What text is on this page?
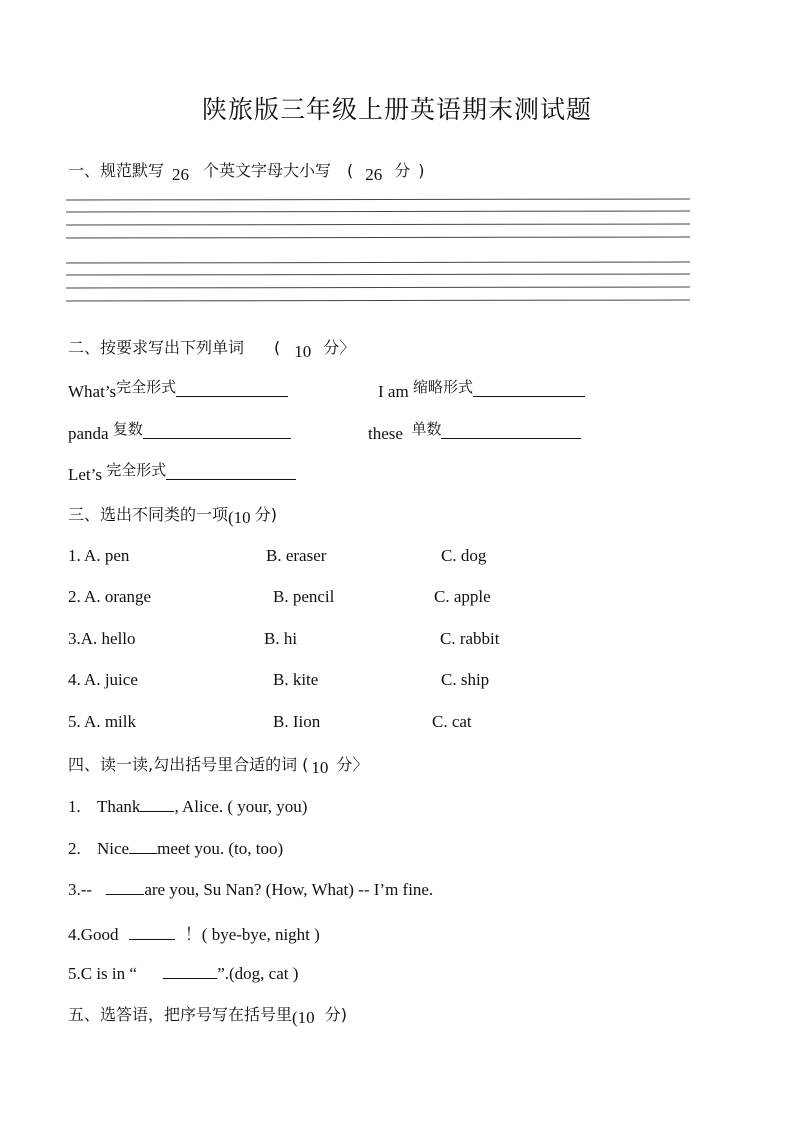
陕旅版三年级上册英语期末测试题
一、规范默写 26 个英文字母大小写 ( 26 分 )
二、按要求写出下列单词 ( 10 分〉
What’s完全形式	I am 缩略形式
panda 复数	these 单数
Let’s 完全形式
三、选出不同类的一项(10 分)
1. A. pen	B. eraser	C. dog
2. A. orange	B. pencil	C. apple
3.A. hello	B. hi	C. rabbit
4. A. juice	B. kite	C. ship
5. A. milk	B. Iion	C. cat
四、读一读,勾出括号里合适的词 ( 10 分〉
1. Thank , Alice. ( your, you)
2. Nice meet you. (to, too)
3.--	are you, Su Nan? (How, What) -- I’m fine.
4.Good	！( bye-bye, night )
5.C is in “	”.(dog, cat )
五、选答语，把序号写在括号里(10 分)
